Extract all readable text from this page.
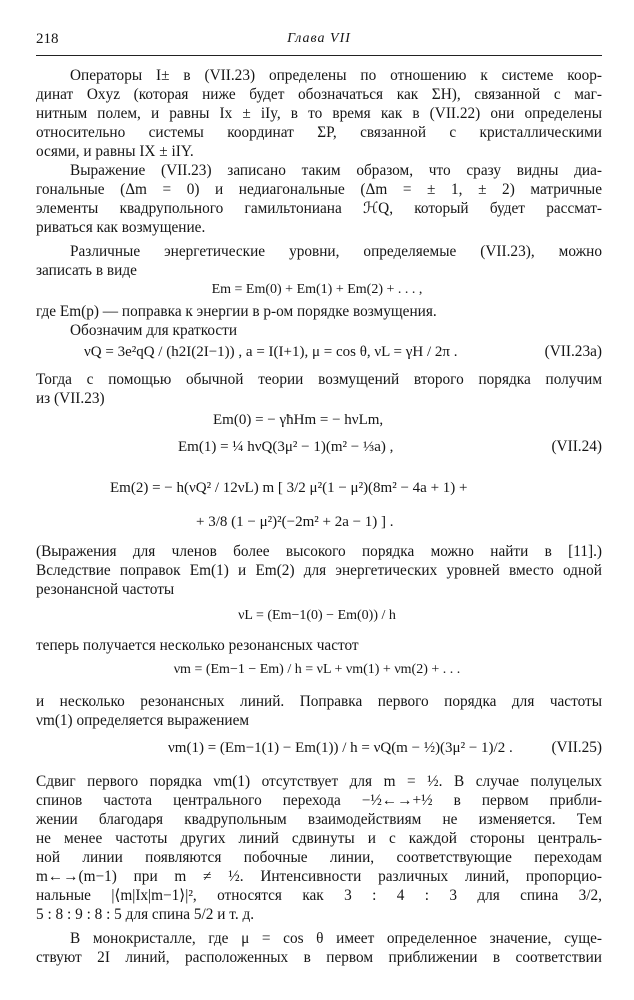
218	Глава VII
Операторы I± в (VII.23) определены по отношению к системе коор-
динат Oxyz (которая ниже будет обозначаться как ΣH), связанной с маг-
нитным полем, и равны Ix ± iIy, в то время как в (VII.22) они определены
относительно системы координат ΣP, связанной с кристаллическими
осями, и равны IX ± iIY.
Выражение (VII.23) записано таким образом, что сразу видны диа-
гональные (Δm = 0) и недиагональные (Δm = ± 1, ± 2) матричные
элементы квадрупольного гамильтониана ℋQ, который будет рассмат-
риваться как возмущение.
Различные энергетические уровни, определяемые (VII.23), можно
записать в виде
Em = Em(0) + Em(1) + Em(2) + . . . ,
где Em(p) — поправка к энергии в p-ом порядке возмущения.
Обозначим для краткости
νQ = 3e²qQ / (h2I(2I−1)) , a = I(I+1), μ = cos θ, νL = γH / 2π .	(VII.23a)
Тогда с помощью обычной теории возмущений второго порядка получим
из (VII.23)
Em(0) = − γħHm = − hνLm,
Em(1) = ¼ hνQ(3μ² − 1)(m² − ⅓a) ,	(VII.24)
Em(2) = − h(νQ² / 12νL) m [ 3/2 μ²(1 − μ²)(8m² − 4a + 1) +
+ 3/8 (1 − μ²)²(−2m² + 2a − 1) ] .
(Выражения для членов более высокого порядка можно найти в [11].)
Вследствие поправок Em(1) и Em(2) для энергетических уровней вместо одной
резонансной частоты
νL = (Em−1(0) − Em(0)) / h
теперь получается несколько резонансных частот
νm = (Em−1 − Em) / h = νL + νm(1) + νm(2) + . . .
и несколько резонансных линий. Поправка первого порядка для частоты
νm(1) определяется выражением
νm(1) = (Em−1(1) − Em(1)) / h = νQ(m − ½)(3μ² − 1)/2 .	(VII.25)
Сдвиг первого порядка νm(1) отсутствует для m = ½. В случае полуцелых
спинов частота центрального перехода −½←→+½ в первом прибли-
жении благодаря квадрупольным взаимодействиям не изменяется. Тем
не менее частоты других линий сдвинуты и с каждой стороны централь-
ной линии появляются побочные линии, соответствующие переходам
m←→(m−1) при m ≠ ½. Интенсивности различных линий, пропорцио-
нальные |⟨m|Ix|m−1⟩|², относятся как 3 : 4 : 3 для спина 3/2,
5 : 8 : 9 : 8 : 5 для спина 5/2 и т. д.
В монокристалле, где μ = cos θ имеет определенное значение, суще-
ствуют 2I линий, расположенных в первом приближении в соответствии
